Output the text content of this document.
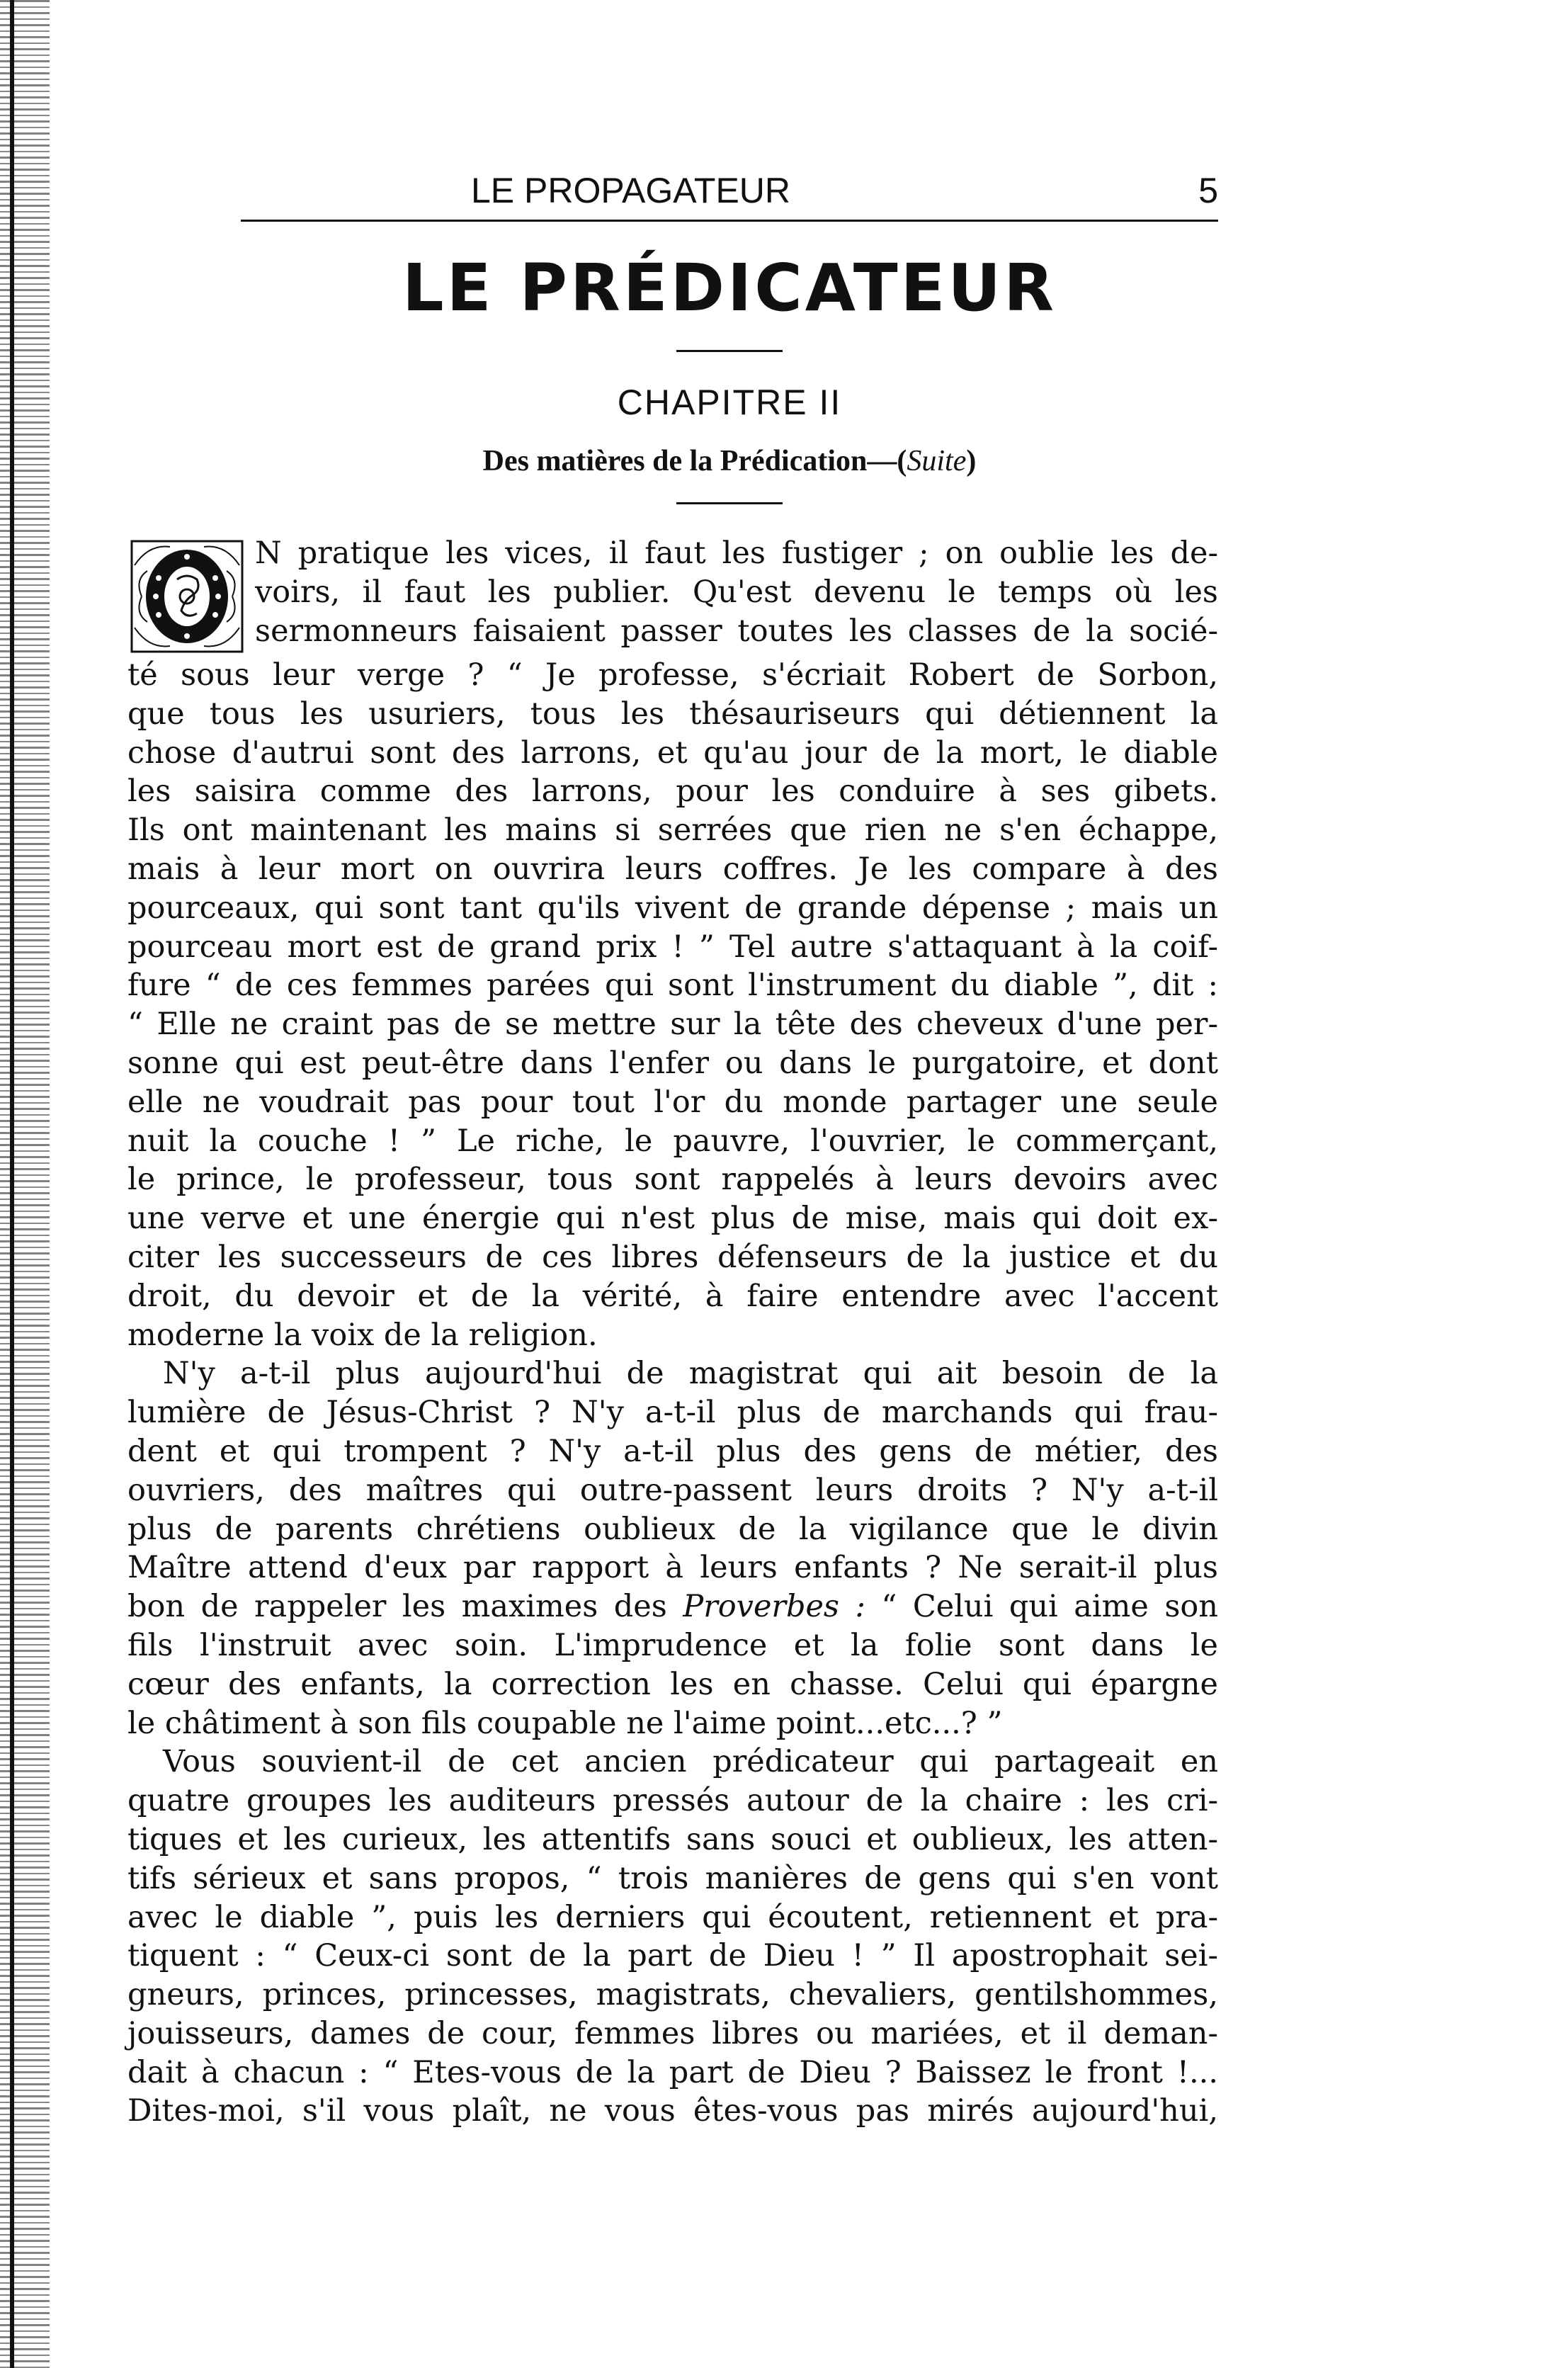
LE PROPAGATEUR	5
LE PRÉDICATEUR
CHAPITRE II
Des matières de la Prédication—(Suite)
O
N pratique les vices, il faut les fustiger ; on oublie les de-
voirs, il faut les publier. Qu'est devenu le temps où les
sermonneurs faisaient passer toutes les classes de la socié-
té sous leur verge ? “ Je professe, s'écriait Robert de Sorbon,
que tous les usuriers, tous les thésauriseurs qui détiennent la
chose d'autrui sont des larrons, et qu'au jour de la mort, le diable
les saisira comme des larrons, pour les conduire à ses gibets.
Ils ont maintenant les mains si serrées que rien ne s'en échappe,
mais à leur mort on ouvrira leurs coffres. Je les compare à des
pourceaux, qui sont tant qu'ils vivent de grande dépense ; mais un
pourceau mort est de grand prix ! ” Tel autre s'attaquant à la coif-
fure “ de ces femmes parées qui sont l'instrument du diable ”, dit :
“ Elle ne craint pas de se mettre sur la tête des cheveux d'une per-
sonne qui est peut-être dans l'enfer ou dans le purgatoire, et dont
elle ne voudrait pas pour tout l'or du monde partager une seule
nuit la couche ! ” Le riche, le pauvre, l'ouvrier, le commerçant,
le prince, le professeur, tous sont rappelés à leurs devoirs avec
une verve et une énergie qui n'est plus de mise, mais qui doit ex-
citer les successeurs de ces libres défenseurs de la justice et du
droit, du devoir et de la vérité, à faire entendre avec l'accent
moderne la voix de la religion.
N'y a-t-il plus aujourd'hui de magistrat qui ait besoin de la
lumière de Jésus-Christ ? N'y a-t-il plus de marchands qui frau-
dent et qui trompent ? N'y a-t-il plus des gens de métier, des
ouvriers, des maîtres qui outre-passent leurs droits ? N'y a-t-il
plus de parents chrétiens oublieux de la vigilance que le divin
Maître attend d'eux par rapport à leurs enfants ? Ne serait-il plus
bon de rappeler les maximes des Proverbes : “ Celui qui aime son
fils l'instruit avec soin. L'imprudence et la folie sont dans le
cœur des enfants, la correction les en chasse. Celui qui épargne
le châtiment à son fils coupable ne l'aime point...etc...? ”
Vous souvient-il de cet ancien prédicateur qui partageait en
quatre groupes les auditeurs pressés autour de la chaire : les cri-
tiques et les curieux, les attentifs sans souci et oublieux, les atten-
tifs sérieux et sans propos, “ trois manières de gens qui s'en vont
avec le diable ”, puis les derniers qui écoutent, retiennent et pra-
tiquent : “ Ceux-ci sont de la part de Dieu ! ” Il apostrophait sei-
gneurs, princes, princesses, magistrats, chevaliers, gentilshommes,
jouisseurs, dames de cour, femmes libres ou mariées, et il deman-
dait à chacun : “ Etes-vous de la part de Dieu ? Baissez le front !...
Dites-moi, s'il vous plaît, ne vous êtes-vous pas mirés aujourd'hui,
